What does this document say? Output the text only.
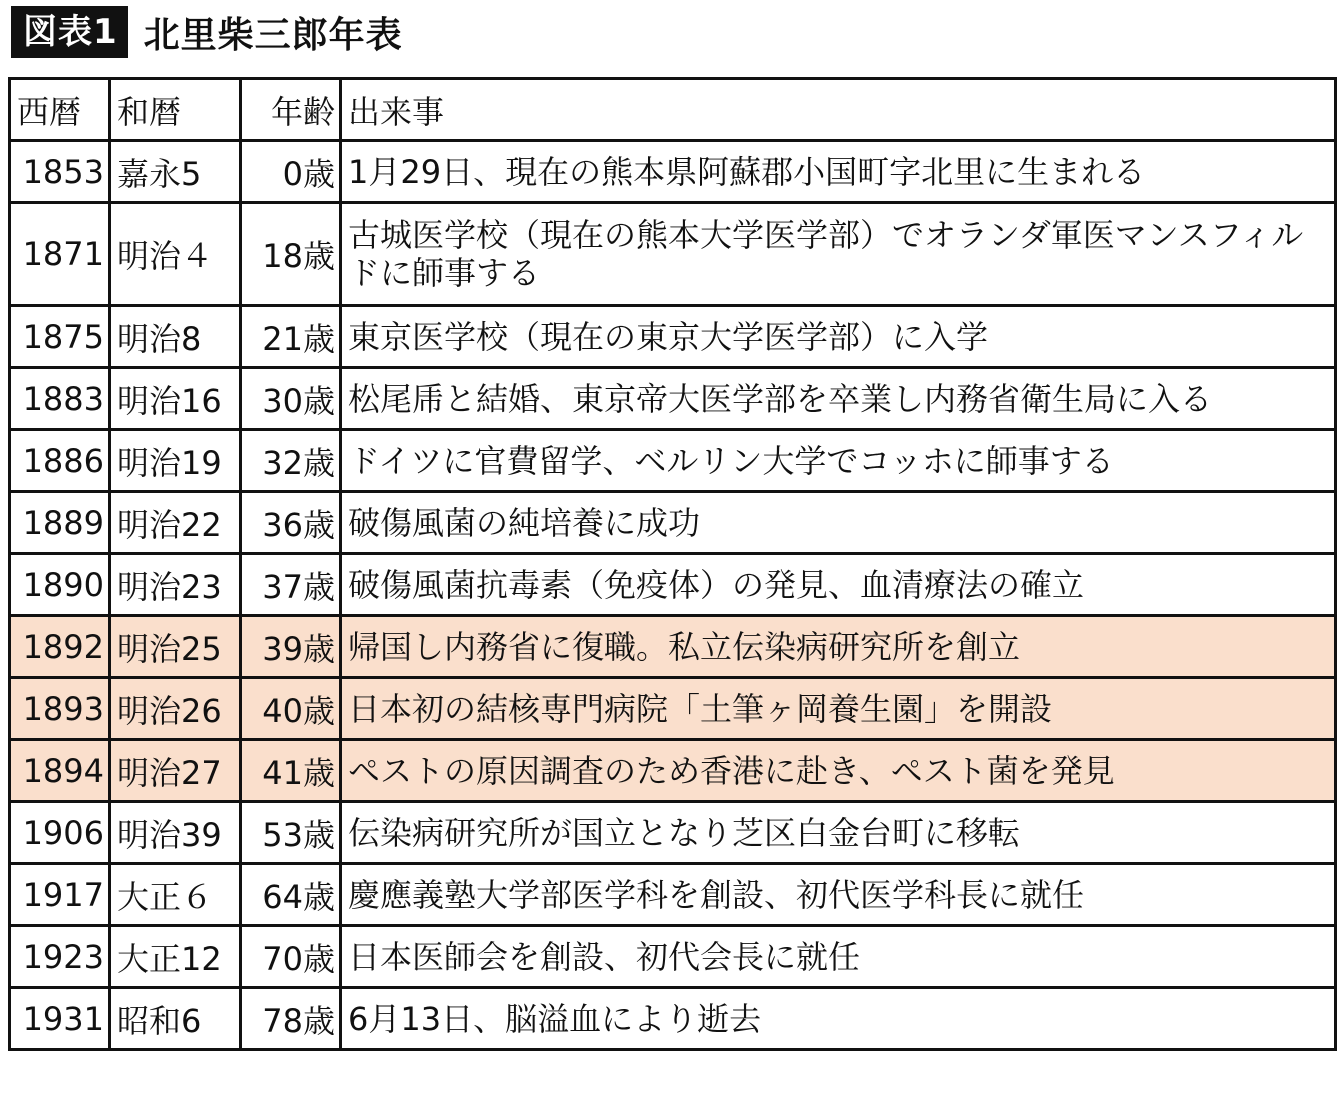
図表1 北里柴三郎年表
西暦	和暦	年齢	出来事
1853	嘉永5	0歳	1月29日、現在の熊本県阿蘇郡小国町字北里に生まれる
1871	明治４	18歳	古城医学校（現在の熊本大学医学部）でオランダ軍医マンスフィルドに師事する
1875	明治8	21歳	東京医学校（現在の東京大学医学部）に入学
1883	明治16	30歳	松尾乕と結婚、東京帝大医学部を卒業し内務省衛生局に入る
1886	明治19	32歳	ドイツに官費留学、ベルリン大学でコッホに師事する
1889	明治22	36歳	破傷風菌の純培養に成功
1890	明治23	37歳	破傷風菌抗毒素（免疫体）の発見、血清療法の確立
1892	明治25	39歳	帰国し内務省に復職。私立伝染病研究所を創立
1893	明治26	40歳	日本初の結核専門病院「土筆ヶ岡養生園」を開設
1894	明治27	41歳	ペストの原因調査のため香港に赴き、ペスト菌を発見
1906	明治39	53歳	伝染病研究所が国立となり芝区白金台町に移転
1917	大正６	64歳	慶應義塾大学部医学科を創設、初代医学科長に就任
1923	大正12	70歳	日本医師会を創設、初代会長に就任
1931	昭和6	78歳	6月13日、脳溢血により逝去
